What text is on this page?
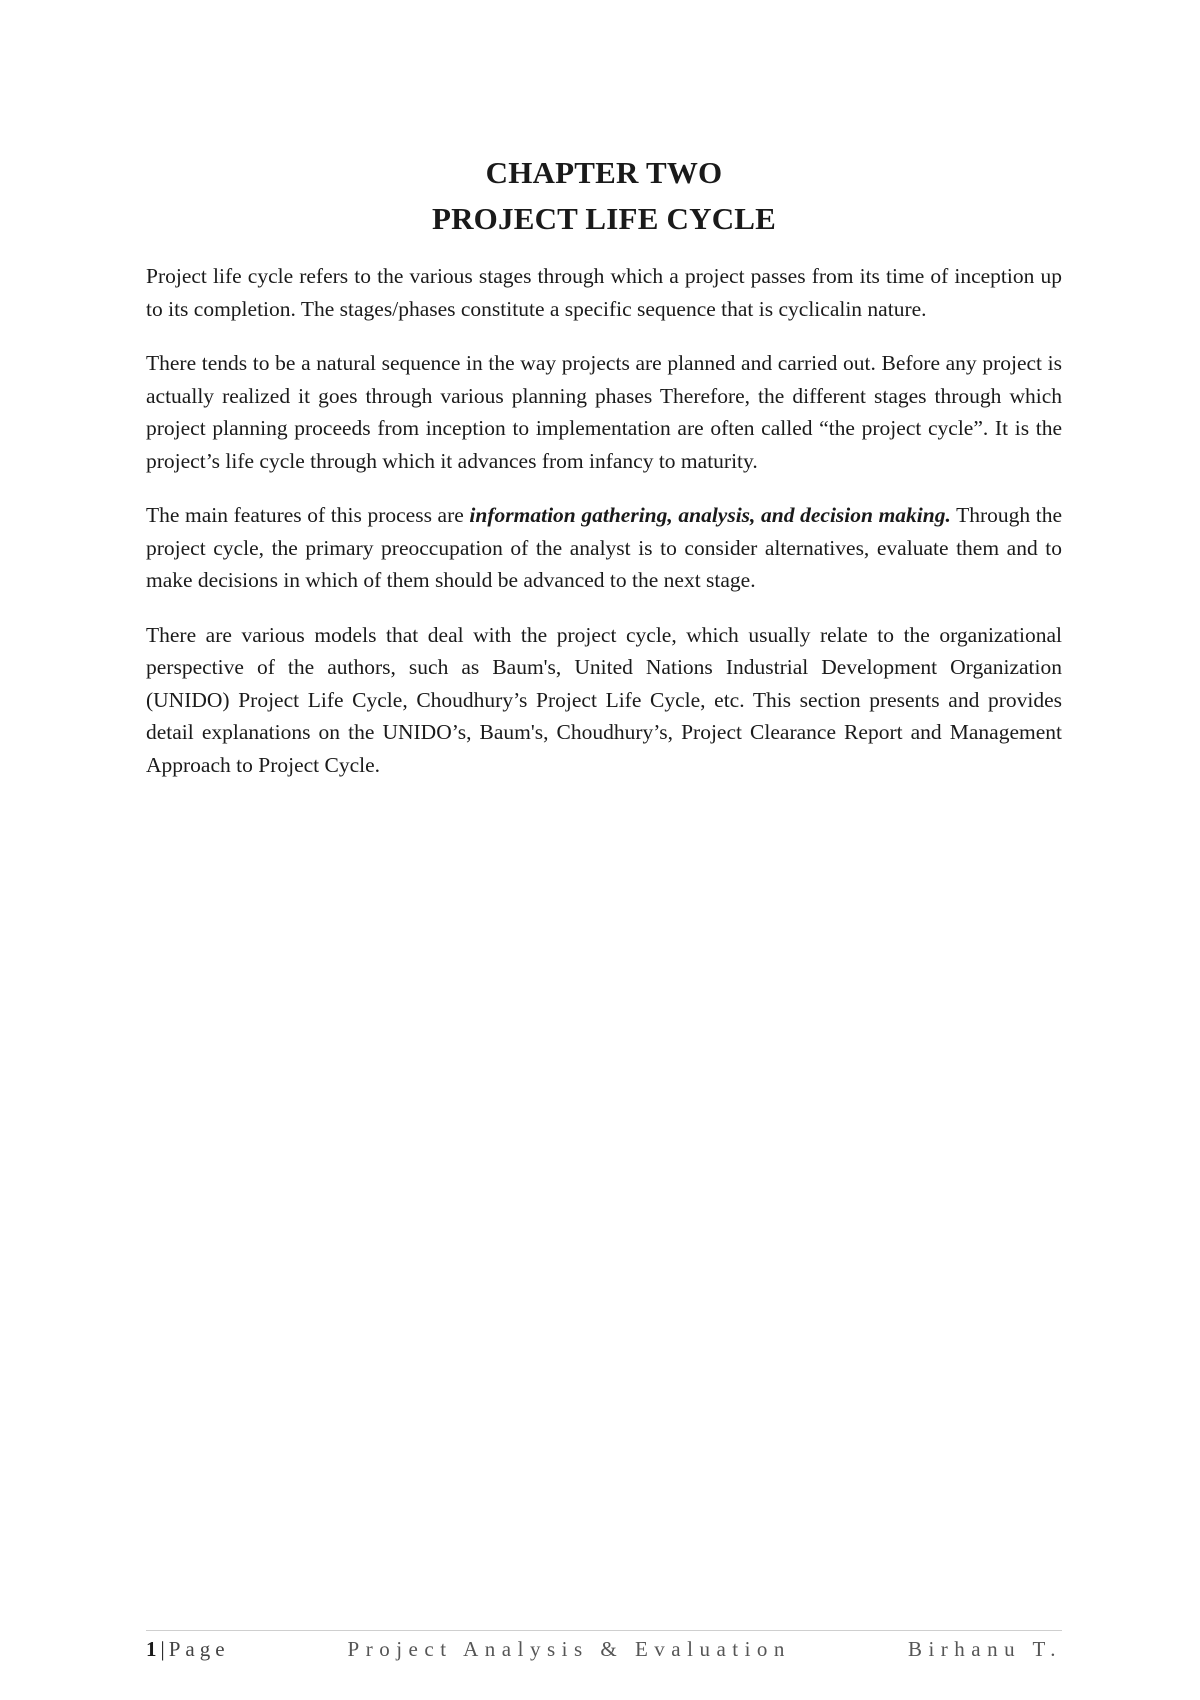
CHAPTER TWO
PROJECT LIFE CYCLE

Project life cycle refers to the various stages through which a project passes from its time of inception up to its completion. The stages/phases constitute a specific sequence that is cyclicalin nature.

There tends to be a natural sequence in the way projects are planned and carried out. Before any project is actually realized it goes through various planning phases Therefore, the different stages through which project planning proceeds from inception to implementation are often called “the project cycle”. It is the project’s life cycle through which it advances from infancy to maturity.

The main features of this process are information gathering, analysis, and decision making. Through the project cycle, the primary preoccupation of the analyst is to consider alternatives, evaluate them and to make decisions in which of them should be advanced to the next stage.

There are various models that deal with the project cycle, which usually relate to the organizational perspective of the authors, such as Baum's, United Nations Industrial Development Organization (UNIDO) Project Life Cycle, Choudhury’s Project Life Cycle, etc. This section presents and provides detail explanations on the UNIDO’s, Baum's, Choudhury’s, Project Clearance Report and Management Approach to Project Cycle.

1 | Page	Project Analysis & Evaluation	Birhanu T.
